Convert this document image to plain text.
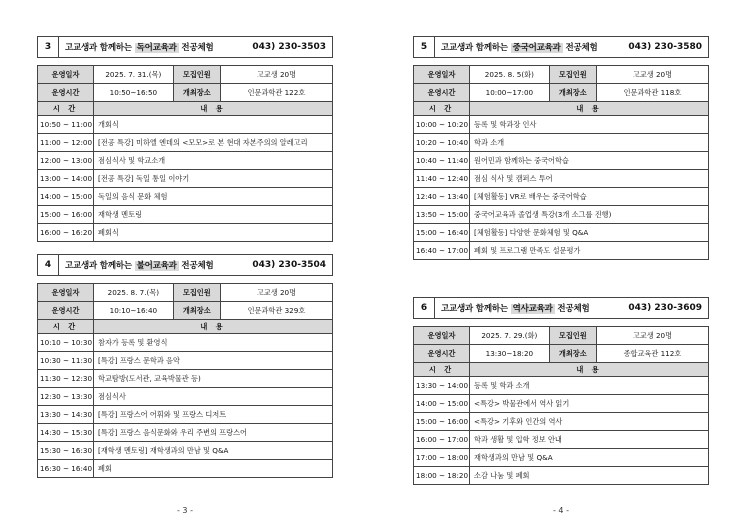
3	고교생과 함께하는 독어교육과 전공체험	043) 230-3503
운영일자	2025. 7. 31.(목)	모집인원	고교생 20명
운영시간	10:50~16:50	개최장소	인문과학관 122호
시 간	내 용		
10:50 ~ 11:00	개회식		
11:00 ~ 12:00	[전공 특강] 미하엘 엔데의 <모모>로 본 현대 자본주의의 알레고리		
12:00 ~ 13:00	점심식사 및 학교소개		
13:00 ~ 14:00	[전공 특강] 독일 통일 이야기		
14:00 ~ 15:00	독일의 음식 문화 체험		
15:00 ~ 16:00	재학생 멘토링		
16:00 ~ 16:20	폐회식		
4	고교생과 함께하는 불어교육과 전공체험	043) 230-3504
운영일자	2025. 8. 7.(목)	모집인원	고교생 20명
운영시간	10:10~16:40	개최장소	인문과학관 329호
시 간	내 용		
10:10 ~ 10:30	참자가 등록 및 환영식		
10:30 ~ 11:30	[특강] 프랑스 문학과 음악		
11:30 ~ 12:30	학교탐방(도서관, 교육박물관 등)		
12:30 ~ 13:30	점심식사		
13:30 ~ 14:30	[특강] 프랑스어 어휘와 및 프랑스 디저트		
14:30 ~ 15:30	[특강] 프랑스 음식문화와 우리 주변의 프랑스어		
15:30 ~ 16:30	[재학생 멘토링] 재학생과의 만남 및 Q&A		
16:30 ~ 16:40	폐회		
5	고교생과 함께하는 중국어교육과 전공체험	043) 230-3580
운영일자	2025. 8. 5(화)	모집인원	고교생 20명
운영시간	10:00~17:00	개최장소	인문과학관 118호
시 간	내 용		
10:00 ~ 10:20	등록 및 학과장 인사		
10:20 ~ 10:40	학과 소개		
10:40 ~ 11:40	원어민과 함께하는 중국어학습		
11:40 ~ 12:40	점심 식사 및 캠퍼스 투어		
12:40 ~ 13:40	[체험활동] VR로 배우는 중국어학습		
13:50 ~ 15:00	중국어교육과 졸업생 특강(3개 소그룹 진행)		
15:00 ~ 16:40	[체험활동] 다양한 문화체험 및 Q&A		
16:40 ~ 17:00	폐회 및 프로그램 만족도 설문평가		
6	고교생과 함께하는 역사교육과 전공체험	043) 230-3609
운영일자	2025. 7. 29.(화)	모집인원	고교생 20명
운영시간	13:30~18:20	개최장소	종합교육관 112호
시 간	내 용		
13:30 ~ 14:00	등록 및 학과 소개		
14:00 ~ 15:00	<특강> 박물관에서 역사 읽기		
15:00 ~ 16:00	<특강> 기후와 인간의 역사		
16:00 ~ 17:00	학과 생활 및 입학 정보 안내		
17:00 ~ 18:00	재학생과의 만남 및 Q&A		
18:00 ~ 18:20	소감 나눔 및 폐회		
- 3 -	- 4 -
